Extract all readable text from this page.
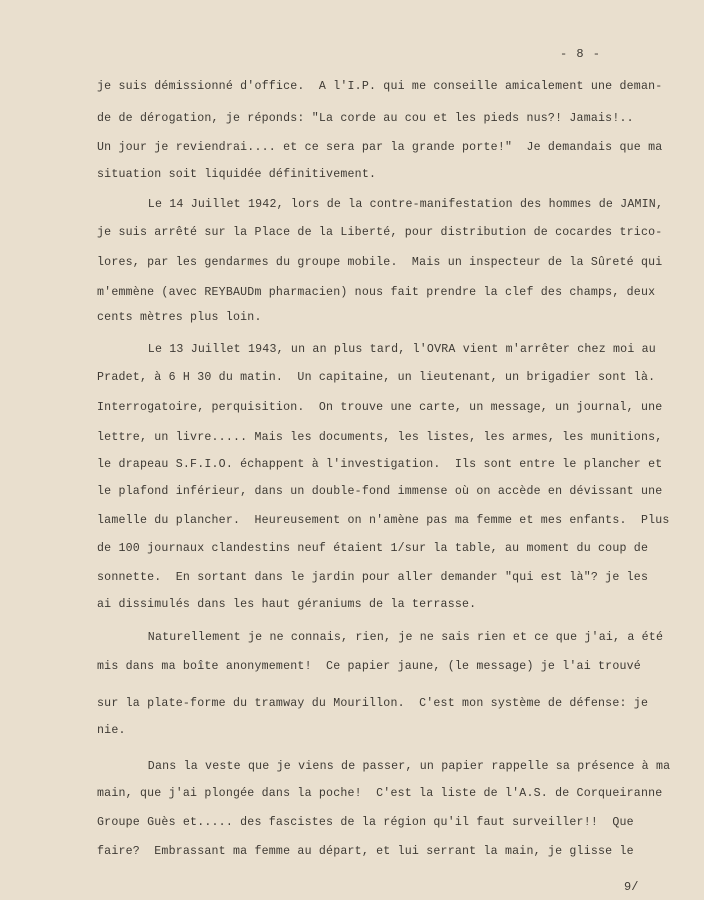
- 8 -
je suis démissionné d'office.  A l'I.P. qui me conseille amicalement une deman-
de de dérogation, je réponds: "La corde au cou et les pieds nus?! Jamais!..
Un jour je reviendrai.... et ce sera par la grande porte!"  Je demandais que ma
situation soit liquidée définitivement.
Le 14 Juillet 1942, lors de la contre-manifestation des hommes de JAMIN,
je suis arrêté sur la Place de la Liberté, pour distribution de cocardes trico-
lores, par les gendarmes du groupe mobile.  Mais un inspecteur de la Sûreté qui
m'emmène (avec REYBAUDm pharmacien) nous fait prendre la clef des champs, deux
cents mètres plus loin.
Le 13 Juillet 1943, un an plus tard, l'OVRA vient m'arrêter chez moi au
Pradet, à 6 H 30 du matin.  Un capitaine, un lieutenant, un brigadier sont là.
Interrogatoire, perquisition.  On trouve une carte, un message, un journal, une
lettre, un livre..... Mais les documents, les listes, les armes, les munitions,
le drapeau S.F.I.O. échappent à l'investigation.  Ils sont entre le plancher et
le plafond inférieur, dans un double-fond immense où on accède en dévissant une
lamelle du plancher.  Heureusement on n'amène pas ma femme et mes enfants.  Plus
de 100 journaux clandestins neuf étaient 1/sur la table, au moment du coup de
sonnette.  En sortant dans le jardin pour aller demander "qui est là"? je les
ai dissimulés dans les haut géraniums de la terrasse.
Naturellement je ne connais, rien, je ne sais rien et ce que j'ai, a été
mis dans ma boîte anonymement!  Ce papier jaune, (le message) je l'ai trouvé
sur la plate-forme du tramway du Mourillon.  C'est mon système de défense: je
nie.
Dans la veste que je viens de passer, un papier rappelle sa présence à ma
main, que j'ai plongée dans la poche!  C'est la liste de l'A.S. de Corqueiranne
Groupe Guès et..... des fascistes de la région qu'il faut surveiller!!  Que
faire?  Embrassant ma femme au départ, et lui serrant la main, je glisse le
9/
